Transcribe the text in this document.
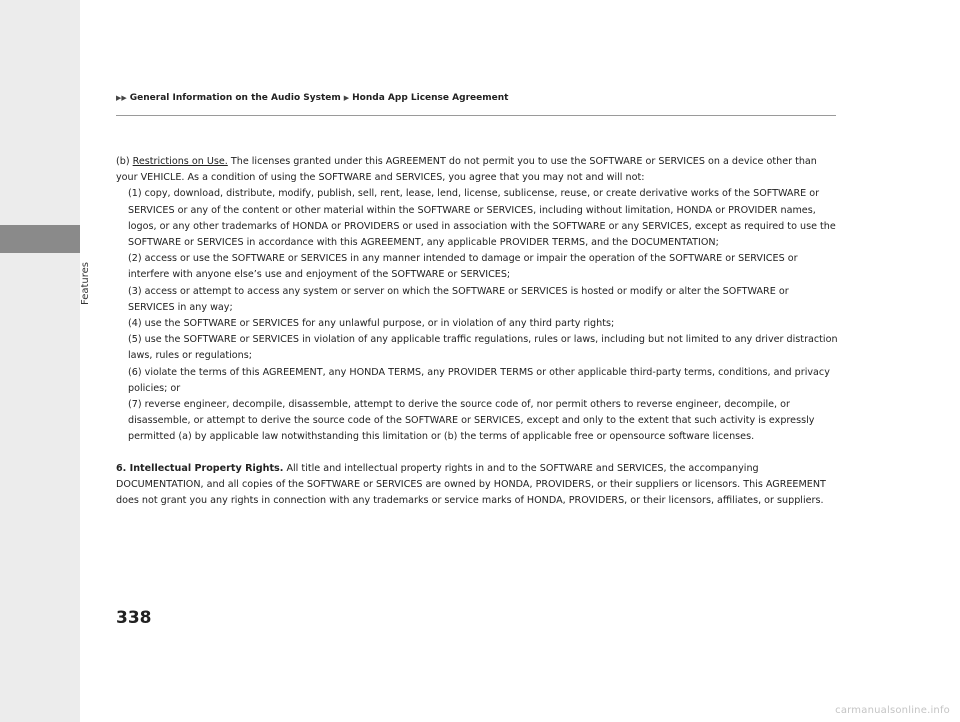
Features
▶▶ General Information on the Audio System ▶ Honda App License Agreement

(b) Restrictions on Use. The licenses granted under this AGREEMENT do not permit you to use the SOFTWARE or SERVICES on a device other than your VEHICLE. As a condition of using the SOFTWARE and SERVICES, you agree that you may not and will not:

(1) copy, download, distribute, modify, publish, sell, rent, lease, lend, license, sublicense, reuse, or create derivative works of the SOFTWARE or SERVICES or any of the content or other material within the SOFTWARE or SERVICES, including without limitation, HONDA or PROVIDER names, logos, or any other trademarks of HONDA or PROVIDERS or used in association with the SOFTWARE or any SERVICES, except as required to use the SOFTWARE or SERVICES in accordance with this AGREEMENT, any applicable PROVIDER TERMS, and the DOCUMENTATION;

(2) access or use the SOFTWARE or SERVICES in any manner intended to damage or impair the operation of the SOFTWARE or SERVICES or interfere with anyone else’s use and enjoyment of the SOFTWARE or SERVICES;

(3) access or attempt to access any system or server on which the SOFTWARE or SERVICES is hosted or modify or alter the SOFTWARE or SERVICES in any way;

(4) use the SOFTWARE or SERVICES for any unlawful purpose, or in violation of any third party rights;

(5) use the SOFTWARE or SERVICES in violation of any applicable traffic regulations, rules or laws, including but not limited to any driver distraction laws, rules or regulations;

(6) violate the terms of this AGREEMENT, any HONDA TERMS, any PROVIDER TERMS or other applicable third-party terms, conditions, and privacy policies; or

(7) reverse engineer, decompile, disassemble, attempt to derive the source code of, nor permit others to reverse engineer, decompile, or disassemble, or attempt to derive the source code of the SOFTWARE or SERVICES, except and only to the extent that such activity is expressly permitted (a) by applicable law notwithstanding this limitation or (b) the terms of applicable free or opensource software licenses.

6. Intellectual Property Rights. All title and intellectual property rights in and to the SOFTWARE and SERVICES, the accompanying DOCUMENTATION, and all copies of the SOFTWARE or SERVICES are owned by HONDA, PROVIDERS, or their suppliers or licensors. This AGREEMENT does not grant you any rights in connection with any trademarks or service marks of HONDA, PROVIDERS, or their licensors, affiliates, or suppliers.

338
carmanualsonline.info
